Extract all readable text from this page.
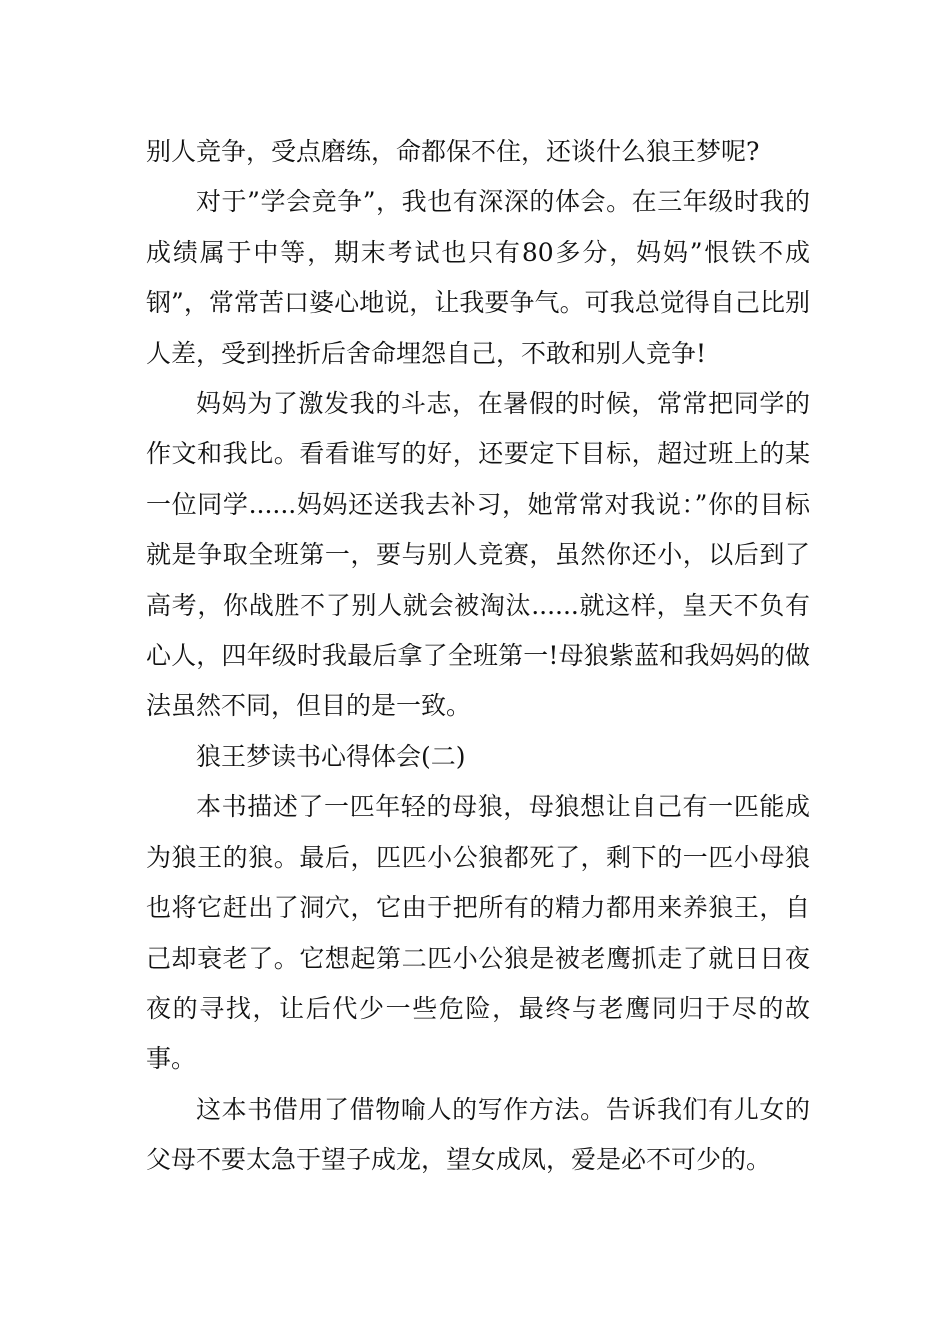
别人竞争，受点磨练，命都保不住，还谈什么狼王梦呢?

对于”学会竞争”，我也有深深的体会。在三年级时我的成绩属于中等，期末考试也只有80多分，妈妈”恨铁不成钢”，常常苦口婆心地说，让我要争气。可我总觉得自己比别人差，受到挫折后舍命埋怨自己，不敢和别人竞争!

妈妈为了激发我的斗志，在暑假的时候，常常把同学的作文和我比。看看谁写的好，还要定下目标，超过班上的某一位同学......妈妈还送我去补习，她常常对我说：”你的目标就是争取全班第一，要与别人竞赛，虽然你还小，以后到了高考，你战胜不了别人就会被淘汰......就这样，皇天不负有心人，四年级时我最后拿了全班第一!母狼紫蓝和我妈妈的做法虽然不同，但目的是一致。

狼王梦读书心得体会(二)

本书描述了一匹年轻的母狼，母狼想让自己有一匹能成为狼王的狼。最后，匹匹小公狼都死了，剩下的一匹小母狼也将它赶出了洞穴，它由于把所有的精力都用来养狼王，自己却衰老了。它想起第二匹小公狼是被老鹰抓走了就日日夜夜的寻找，让后代少一些危险，最终与老鹰同归于尽的故事。

这本书借用了借物喻人的写作方法。告诉我们有儿女的父母不要太急于望子成龙，望女成凤，爱是必不可少的。
